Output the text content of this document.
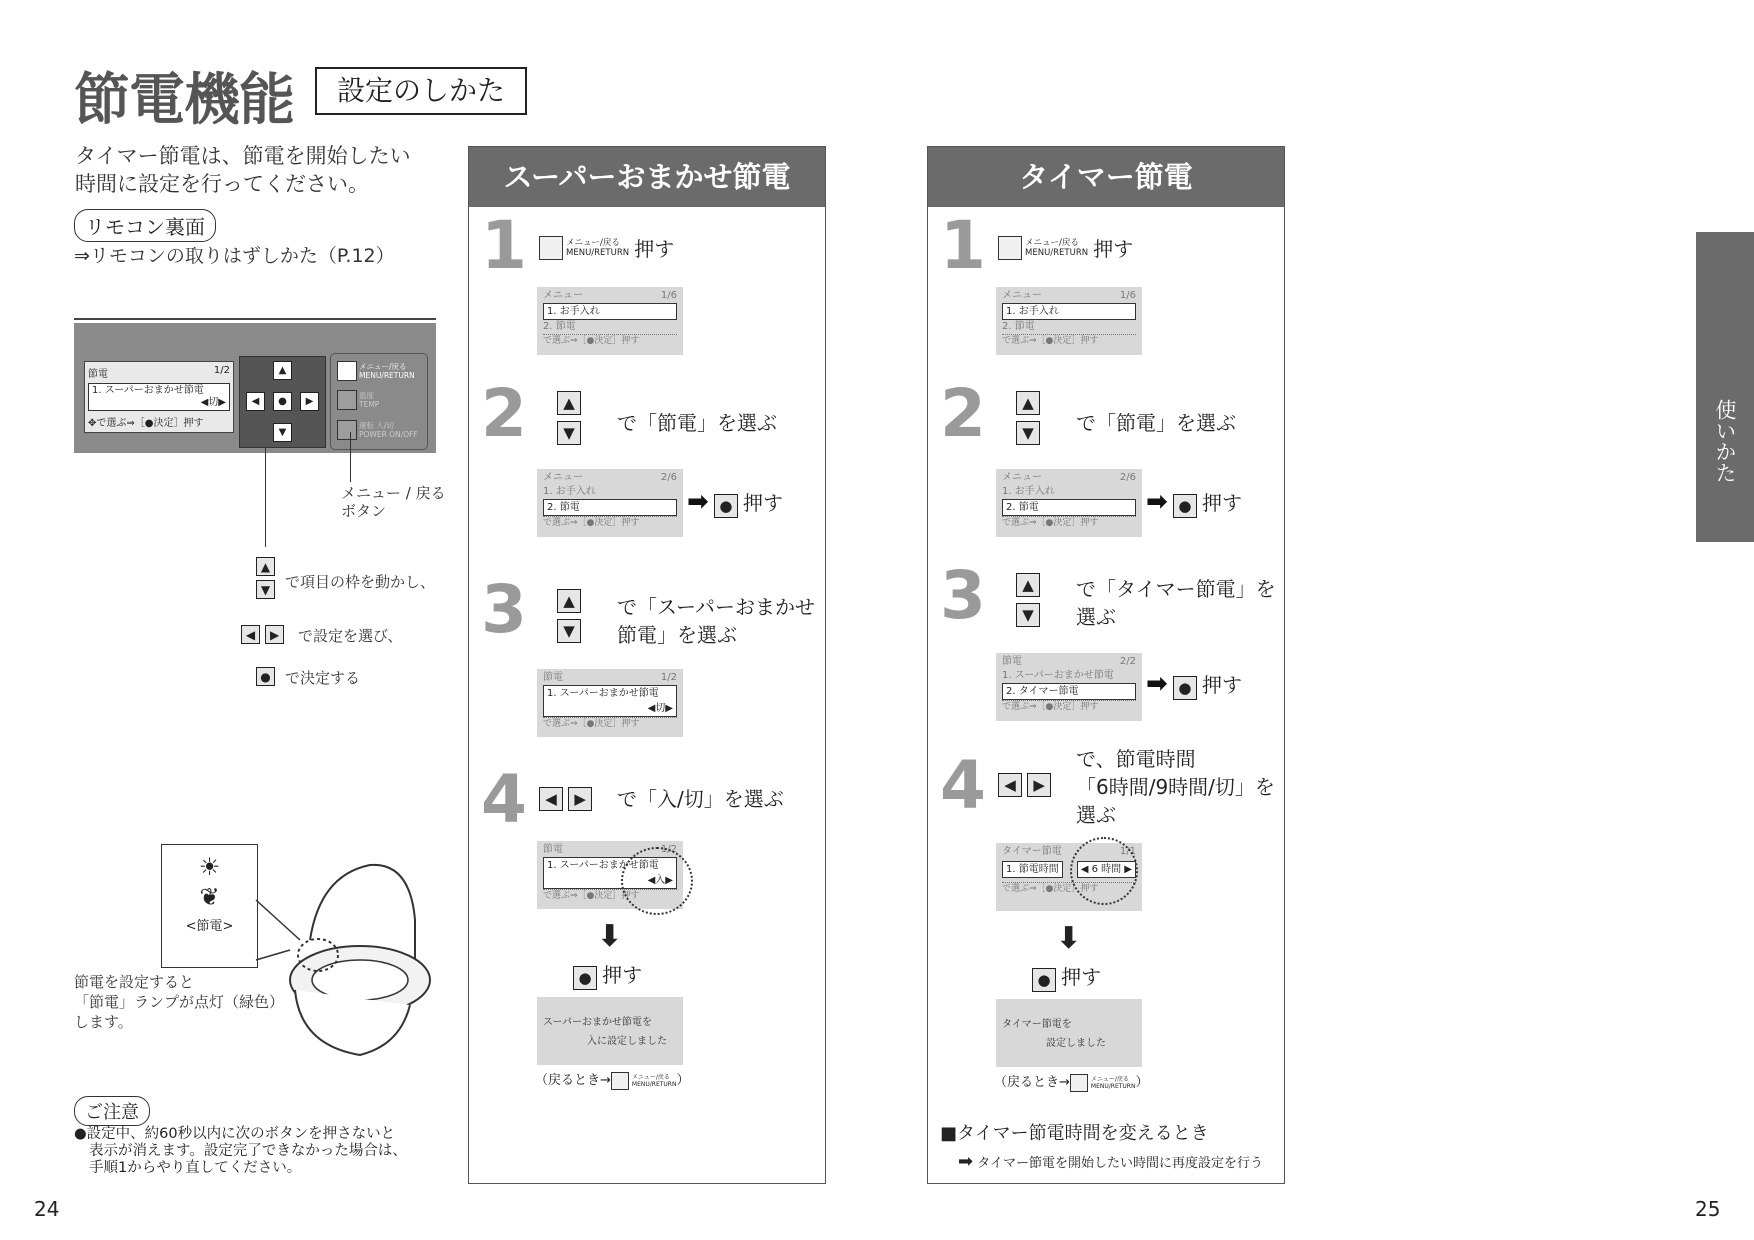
節電機能	設定のしかた
タイマー節電は、節電を開始したい
時間に設定を行ってください。
リモコン裏面
⇒リモコンの取りはずしかた（P.12）
節電	1/2
1. スーパーおまかせ節電
◀切▶
✥で選ぶ⇒［●決定］押す
▲
◀	●	▶
▼
メニュー/戻る
MENU/RETURN
温度
TEMP
運転 入/切
POWER ON/OFF
メニュー / 戻る
ボタン
▲
▼ で項目の枠を動かし、
◀ ▶	で設定を選び、
● で決定する
☀
❦
<節電>
節電を設定すると
「節電」ランプが点灯（緑色）
します。
ご注意
●設定中、約60秒以内に次のボタンを押さないと
表示が消えます。設定完了できなかった場合は、
手順1からやり直してください。
24	25
スーパーおまかせ節電
1	メニュー/戻る
MENU/RETURN 押す
メニュー	1/6
1. お手入れ
2. 節電
で選ぶ⇒［●決定］押す
2	▲
▼	で「節電」を選ぶ
メニュー	2/6
1. お手入れ
2. 節電
で選ぶ⇒［●決定］押す
➡ ● 押す
3	▲
▼
で「スーパーおまかせ
節電」を選ぶ
節電	1/2
1. スーパーおまかせ節電
◀切▶
で選ぶ⇒［●決定］押す
4	◀ ▶	で「入/切」を選ぶ
節電	1/2
1. スーパーおまかせ節電
◀入▶
で選ぶ⇒［●決定］押す
⬇
● 押す
スーパーおまかせ節電を
入に設定しました
（戻るとき→	メニュー/戻る
MENU/RETURN ）
タイマー節電
1	メニュー/戻る
MENU/RETURN 押す
メニュー	1/6
1. お手入れ
2. 節電
で選ぶ⇒［●決定］押す
2	▲
▼	で「節電」を選ぶ
メニュー	2/6
1. お手入れ
2. 節電
で選ぶ⇒［●決定］押す
➡ ● 押す
3	▲
▼
で「タイマー節電」を
選ぶ
節電	2/2
1. スーパーおまかせ節電
2. タイマー節電
で選ぶ⇒［●決定］押す
➡ ● 押す
4	◀ ▶
で、節電時間
「6時間/9時間/切」を
選ぶ
タイマー節電	1/1
1. 節電時間	◀ 6 時間 ▶
で選ぶ⇒［●決定］押す
⬇
● 押す
タイマー節電を
設定しました
（戻るとき→	メニュー/戻る
MENU/RETURN ）
■タイマー節電時間を変えるとき
➡ タイマー節電を開始したい時間に再度設定を行う
使いかた
